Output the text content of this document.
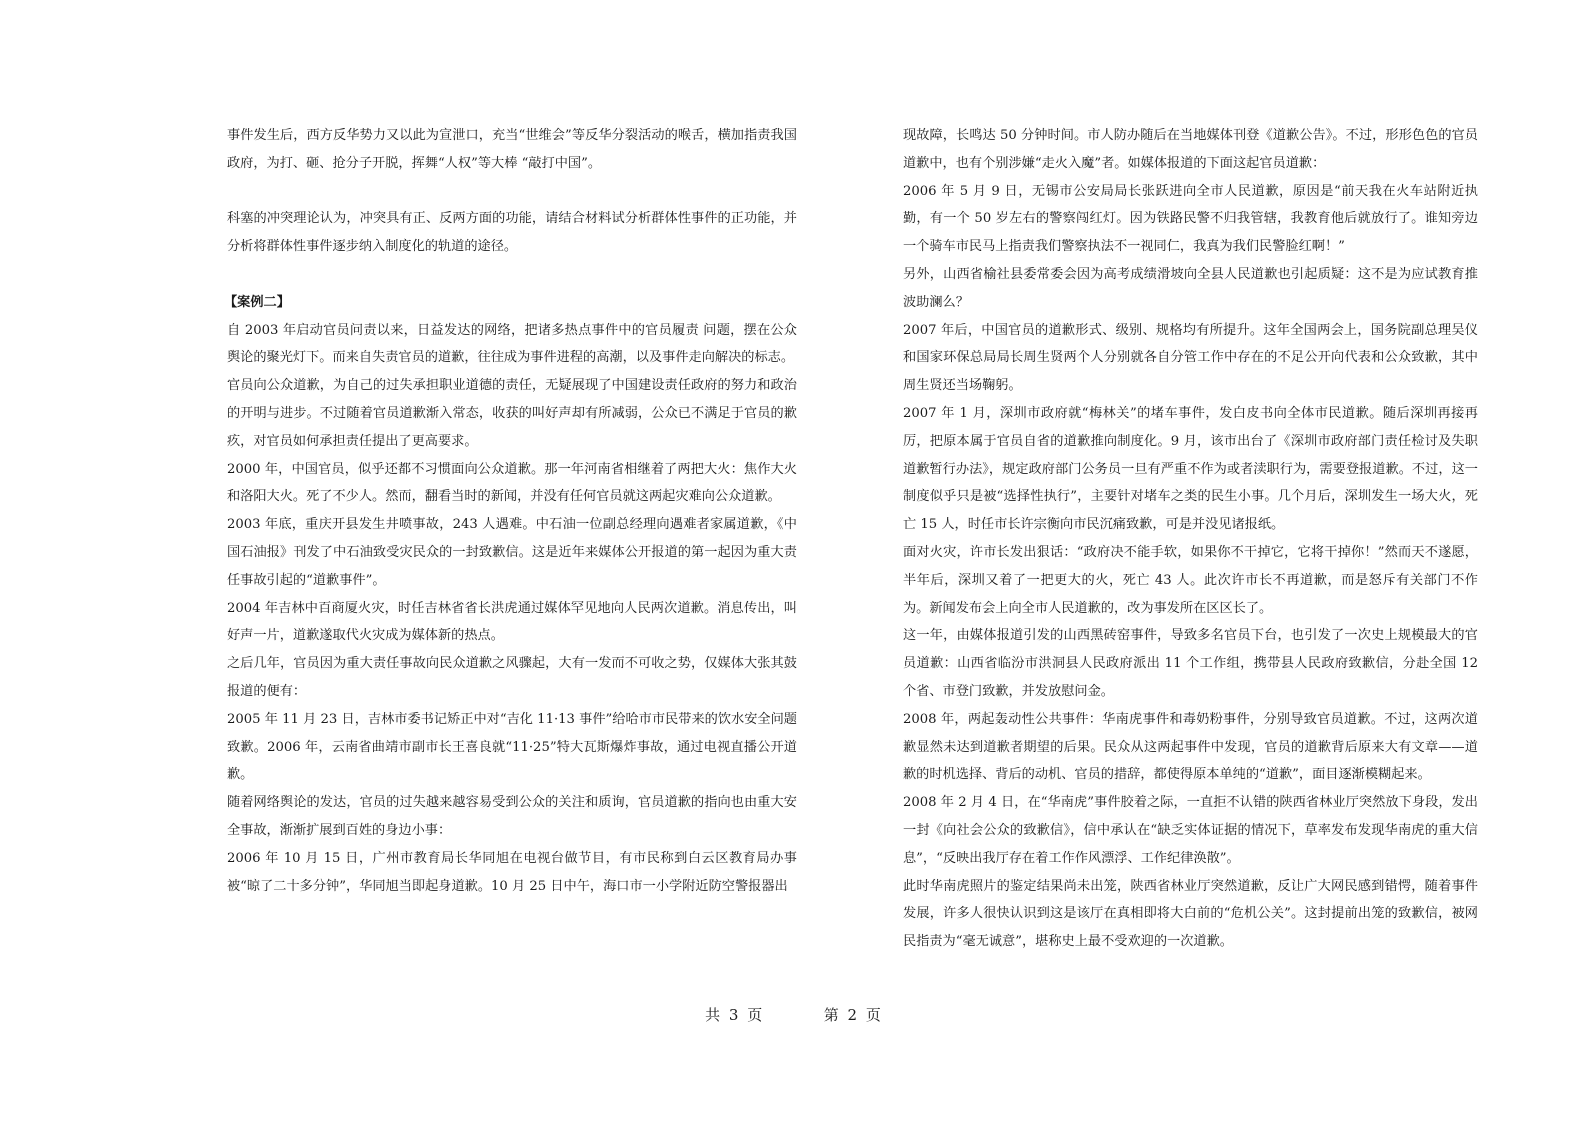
事件发生后，西方反华势力又以此为宣泄口，充当“世维会”等反华分裂活动的喉舌，横加指责我国政府，为打、砸、抢分子开脱，挥舞“人权”等大棒 “敲打中国”。

科塞的冲突理论认为，冲突具有正、反两方面的功能，请结合材料试分析群体性事件的正功能，并分析将群体性事件逐步纳入制度化的轨道的途径。

【案例二】

自 2003 年启动官员问责以来，日益发达的网络，把诸多热点事件中的官员履责 问题，摆在公众舆论的聚光灯下。而来自失责官员的道歉，往往成为事件进程的高潮，以及事件走向解决的标志。

官员向公众道歉，为自己的过失承担职业道德的责任，无疑展现了中国建设责任政府的努力和政治的开明与进步。不过随着官员道歉渐入常态，收获的叫好声却有所减弱，公众已不满足于官员的歉疚，对官员如何承担责任提出了更高要求。

2000 年，中国官员，似乎还都不习惯面向公众道歉。那一年河南省相继着了两把大火：焦作大火和洛阳大火。死了不少人。然而，翻看当时的新闻，并没有任何官员就这两起灾难向公众道歉。

2003 年底，重庆开县发生井喷事故，243 人遇难。中石油一位副总经理向遇难者家属道歉，《中国石油报》刊发了中石油致受灾民众的一封致歉信。这是近年来媒体公开报道的第一起因为重大责任事故引起的“道歉事件”。

2004 年吉林中百商厦火灾，时任吉林省省长洪虎通过媒体罕见地向人民两次道歉。消息传出，叫好声一片，道歉遂取代火灾成为媒体新的热点。

之后几年，官员因为重大责任事故向民众道歉之风骤起，大有一发而不可收之势，仅媒体大张其鼓报道的便有：

2005 年 11 月 23 日，吉林市委书记矫正中对“吉化 11·13 事件”给哈市市民带来的饮水安全问题致歉。2006 年，云南省曲靖市副市长王喜良就“11·25”特大瓦斯爆炸事故，通过电视直播公开道歉。

随着网络舆论的发达，官员的过失越来越容易受到公众的关注和质询，官员道歉的指向也由重大安全事故，渐渐扩展到百姓的身边小事：

2006 年 10 月 15 日，广州市教育局长华同旭在电视台做节目，有市民称到白云区教育局办事被“晾了二十多分钟”，华同旭当即起身道歉。10 月 25 日中午，海口市一小学附近防空警报器出

现故障，长鸣达 50 分钟时间。市人防办随后在当地媒体刊登《道歉公告》。不过，形形色色的官员道歉中，也有个别涉嫌“走火入魔”者。如媒体报道的下面这起官员道歉：

2006 年 5 月 9 日，无锡市公安局局长张跃进向全市人民道歉，原因是“前天我在火车站附近执勤，有一个 50 岁左右的警察闯红灯。因为铁路民警不归我管辖，我教育他后就放行了。谁知旁边一个骑车市民马上指责我们警察执法不一视同仁，我真为我们民警脸红啊！”

另外，山西省榆社县委常委会因为高考成绩滑坡向全县人民道歉也引起质疑：这不是为应试教育推波助澜么？

2007 年后，中国官员的道歉形式、级别、规格均有所提升。这年全国两会上，国务院副总理吴仪和国家环保总局局长周生贤两个人分别就各自分管工作中存在的不足公开向代表和公众致歉，其中周生贤还当场鞠躬。

2007 年 1 月，深圳市政府就“梅林关”的堵车事件，发白皮书向全体市民道歉。随后深圳再接再厉，把原本属于官员自省的道歉推向制度化。9 月，该市出台了《深圳市政府部门责任检讨及失职道歉暂行办法》，规定政府部门公务员一旦有严重不作为或者渎职行为，需要登报道歉。不过，这一制度似乎只是被“选择性执行”，主要针对堵车之类的民生小事。几个月后，深圳发生一场大火，死亡 15 人，时任市长许宗衡向市民沉痛致歉，可是并没见诸报纸。

面对火灾，许市长发出狠话：“政府决不能手软，如果你不干掉它，它将干掉你！”然而天不遂愿，半年后，深圳又着了一把更大的火，死亡 43 人。此次许市长不再道歉，而是怒斥有关部门不作为。新闻发布会上向全市人民道歉的，改为事发所在区区长了。

这一年，由媒体报道引发的山西黑砖窑事件，导致多名官员下台，也引发了一次史上规模最大的官员道歉：山西省临汾市洪洞县人民政府派出 11 个工作组，携带县人民政府致歉信，分赴全国 12 个省、市登门致歉，并发放慰问金。

2008 年，两起轰动性公共事件：华南虎事件和毒奶粉事件，分别导致官员道歉。不过，这两次道歉显然未达到道歉者期望的后果。民众从这两起事件中发现，官员的道歉背后原来大有文章——道歉的时机选择、背后的动机、官员的措辞，都使得原本单纯的“道歉”，面目逐渐模糊起来。

2008 年 2 月 4 日，在“华南虎”事件胶着之际，一直拒不认错的陕西省林业厅突然放下身段，发出一封《向社会公众的致歉信》，信中承认在“缺乏实体证据的情况下，草率发布发现华南虎的重大信息”，“反映出我厅存在着工作作风漂浮、工作纪律涣散”。

此时华南虎照片的鉴定结果尚未出笼，陕西省林业厅突然道歉，反让广大网民感到错愕，随着事件发展，许多人很快认识到这是该厅在真相即将大白前的“危机公关”。这封提前出笼的致歉信，被网民指责为“毫无诚意”，堪称史上最不受欢迎的一次道歉。

共 3 页	第 2 页
